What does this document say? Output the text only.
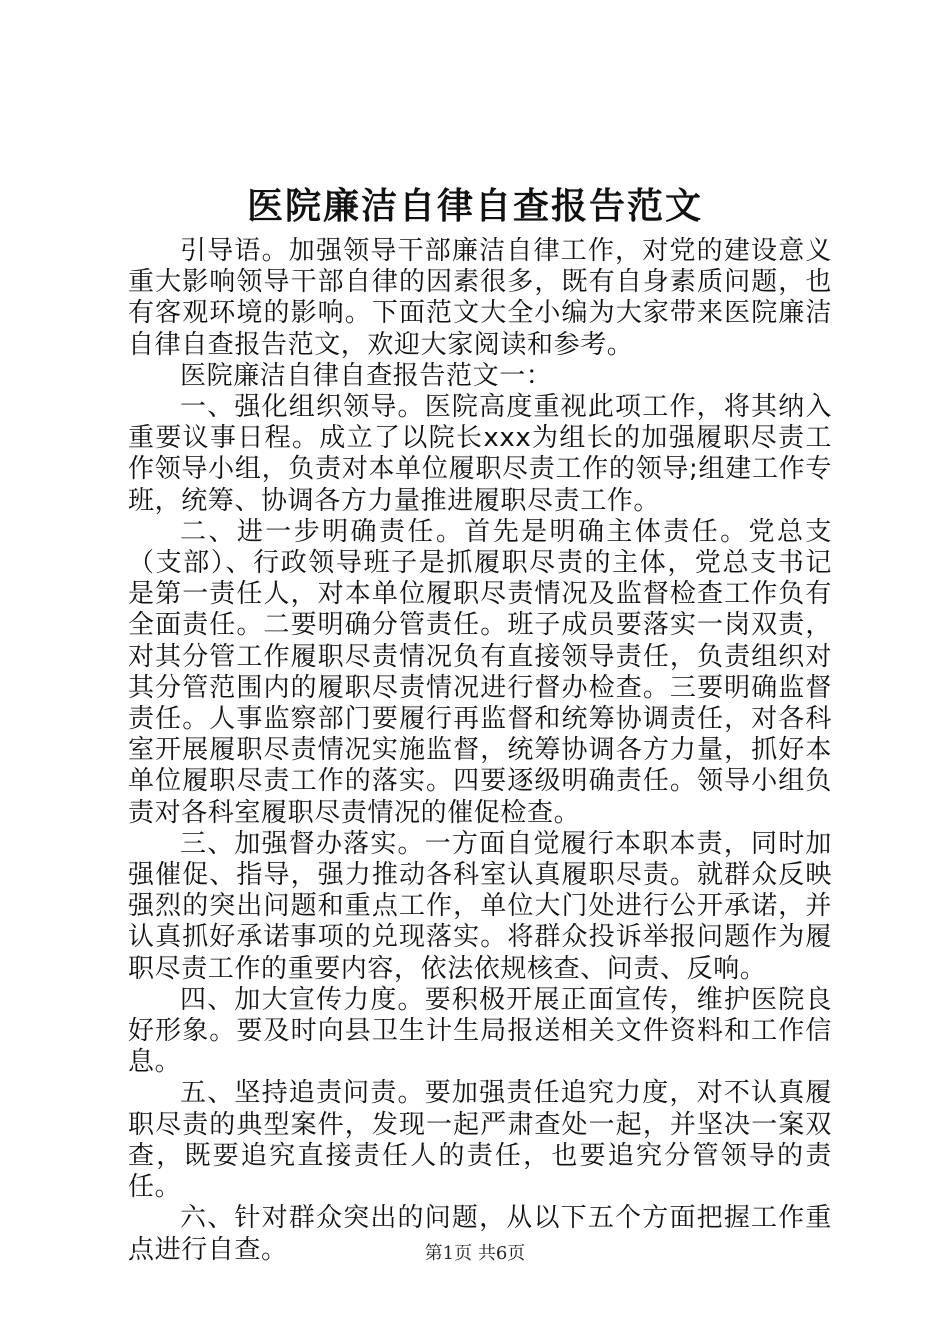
医院廉洁自律自查报告范文

引导语。加强领导干部廉洁自律工作，对党的建设意义重大影响领导干部自律的因素很多，既有自身素质问题，也有客观环境的影响。下面范文大全小编为大家带来医院廉洁自律自查报告范文，欢迎大家阅读和参考。

医院廉洁自律自查报告范文一：

一、强化组织领导。医院高度重视此项工作，将其纳入重要议事日程。成立了以院长xxx为组长的加强履职尽责工作领导小组，负责对本单位履职尽责工作的领导;组建工作专班，统筹、协调各方力量推进履职尽责工作。

二、进一步明确责任。首先是明确主体责任。党总支（支部）、行政领导班子是抓履职尽责的主体，党总支书记是第一责任人，对本单位履职尽责情况及监督检查工作负有全面责任。二要明确分管责任。班子成员要落实一岗双责，对其分管工作履职尽责情况负有直接领导责任，负责组织对其分管范围内的履职尽责情况进行督办检查。三要明确监督责任。人事监察部门要履行再监督和统筹协调责任，对各科室开展履职尽责情况实施监督，统筹协调各方力量，抓好本单位履职尽责工作的落实。四要逐级明确责任。领导小组负责对各科室履职尽责情况的催促检查。

三、加强督办落实。一方面自觉履行本职本责，同时加强催促、指导，强力推动各科室认真履职尽责。就群众反映强烈的突出问题和重点工作，单位大门处进行公开承诺，并认真抓好承诺事项的兑现落实。将群众投诉举报问题作为履职尽责工作的重要内容，依法依规核查、问责、反响。

四、加大宣传力度。要积极开展正面宣传，维护医院良好形象。要及时向县卫生计生局报送相关文件资料和工作信息。

五、坚持追责问责。要加强责任追究力度，对不认真履职尽责的典型案件，发现一起严肃查处一起，并坚决一案双查，既要追究直接责任人的责任，也要追究分管领导的责任。

六、针对群众突出的问题，从以下五个方面把握工作重点进行自查。	第1页 共6页
